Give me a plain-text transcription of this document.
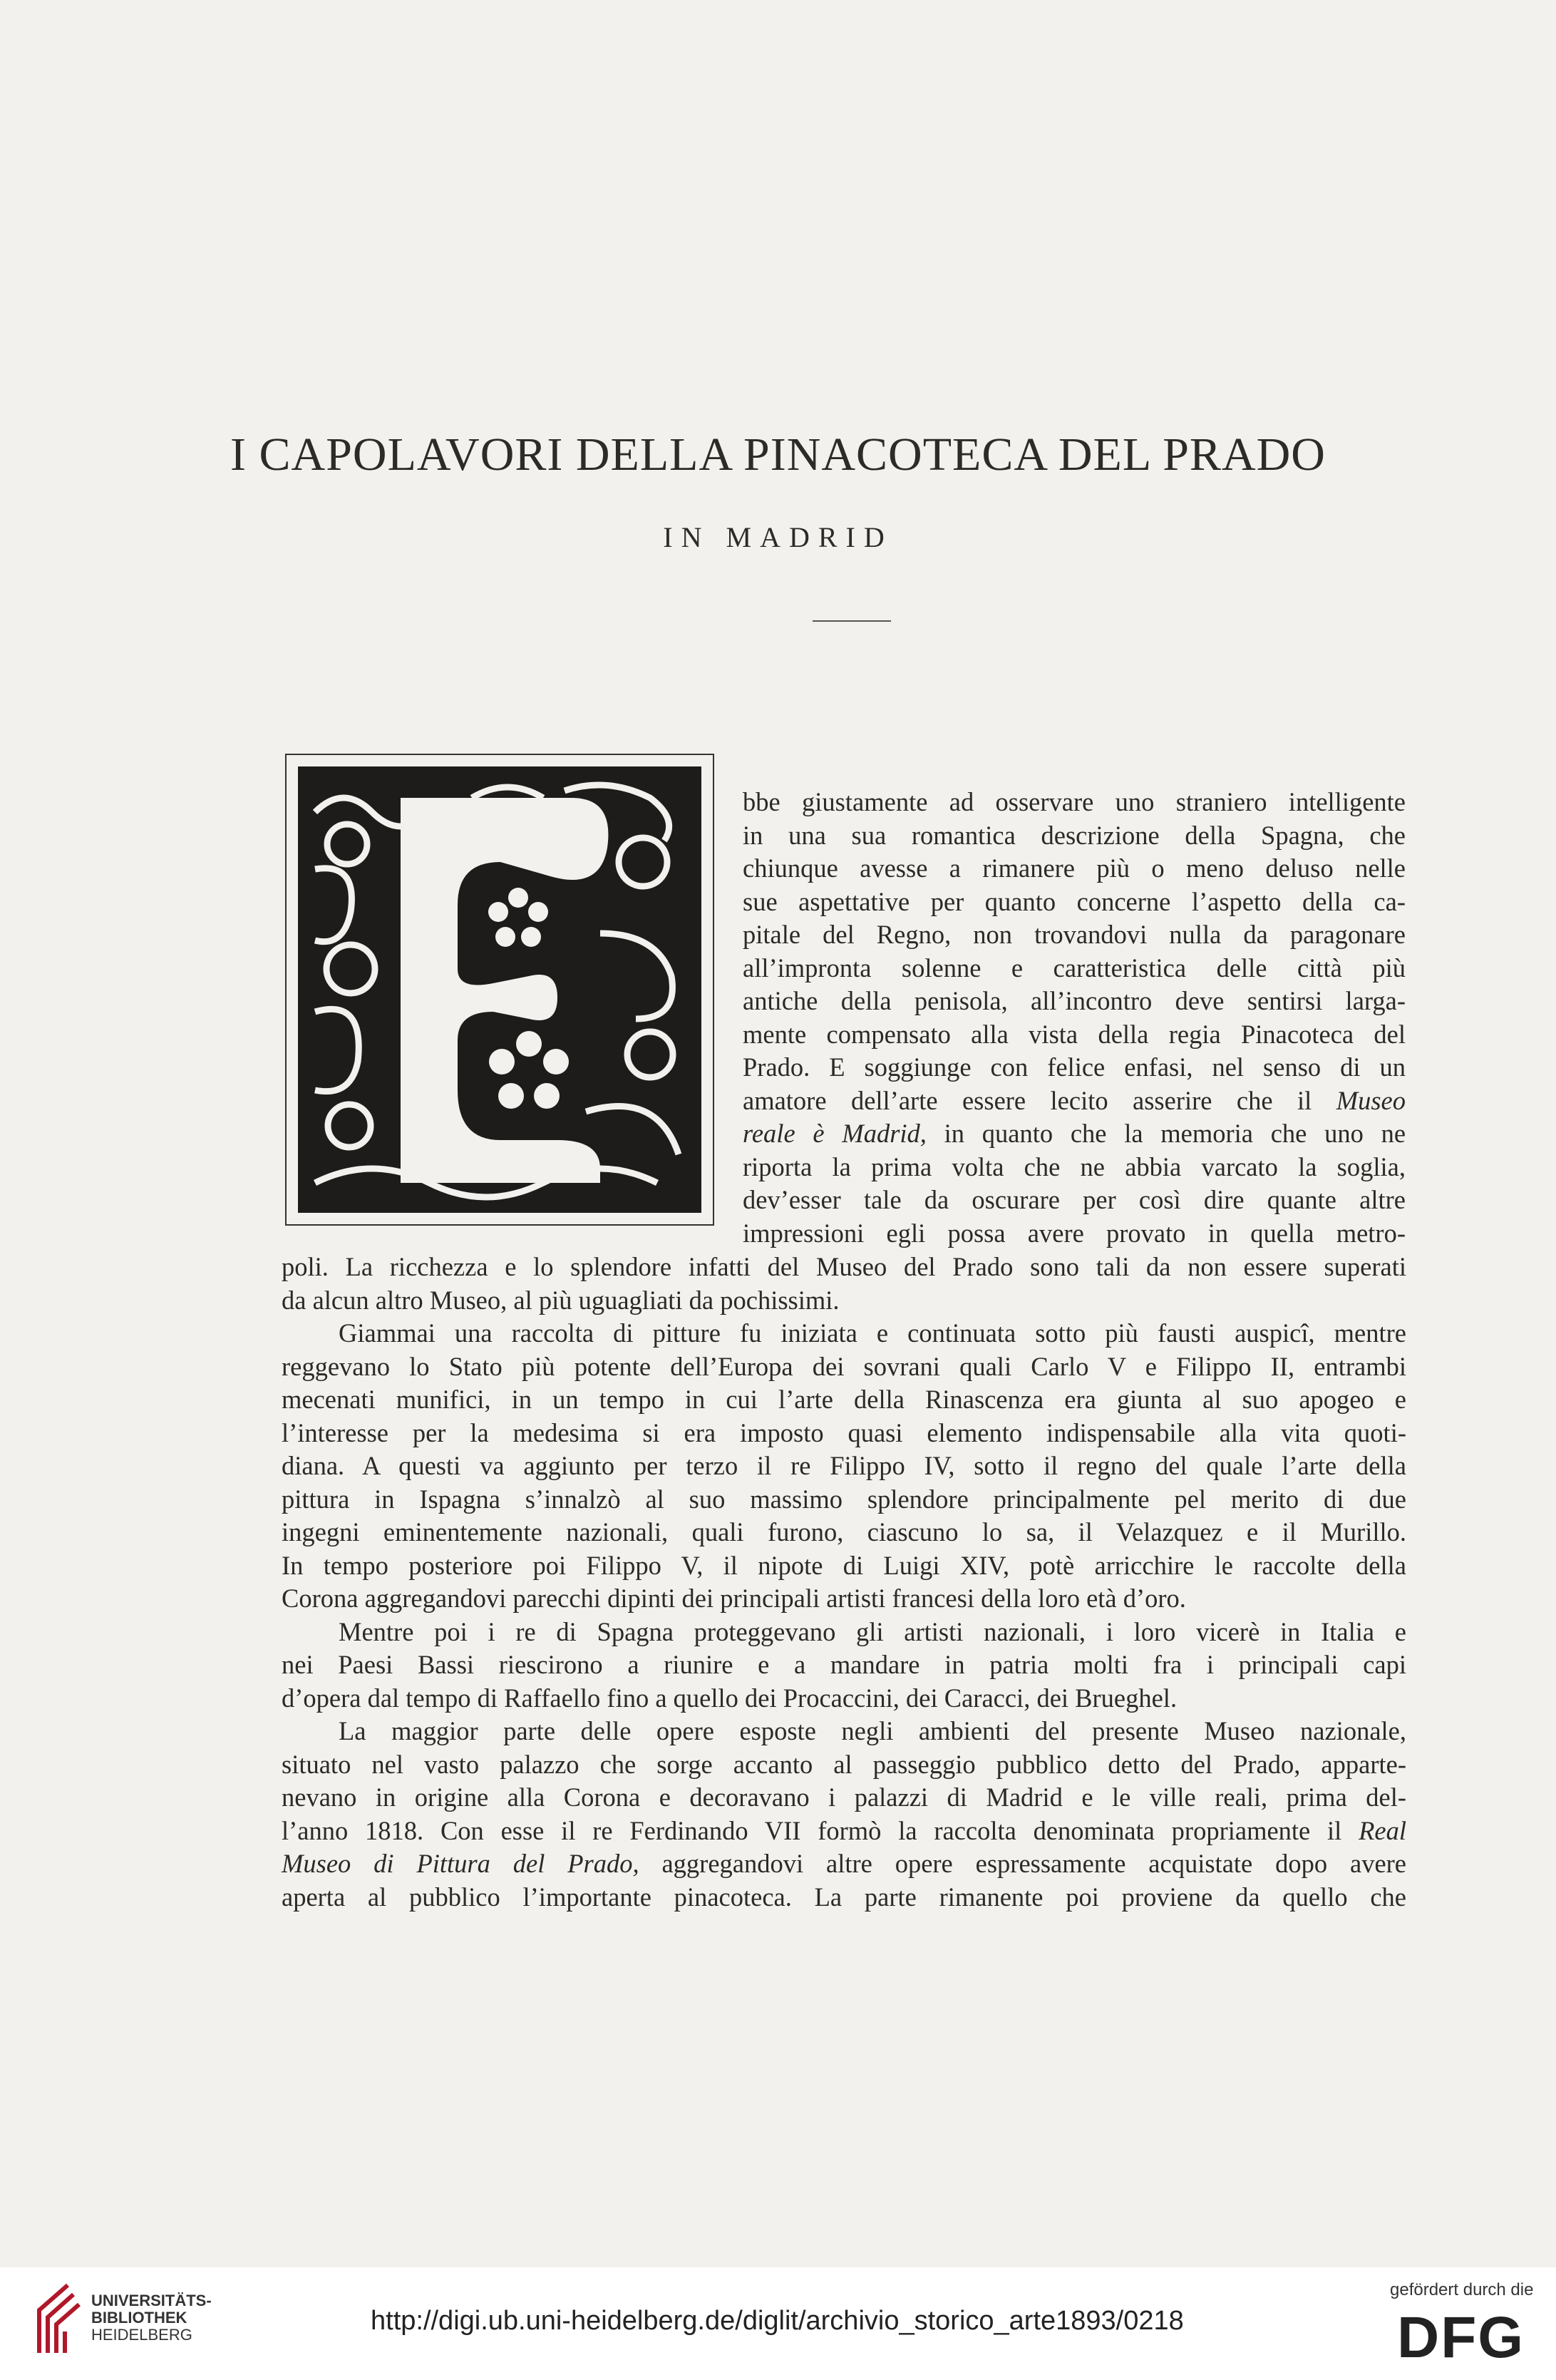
I CAPOLAVORI DELLA PINACOTECA DEL PRADO
IN MADRID
bbe giustamente ad osservare uno straniero intelligente
in una sua romantica descrizione della Spagna, che
chiunque avesse a rimanere più o meno deluso nelle
sue aspettative per quanto concerne l’aspetto della ca-
pitale del Regno, non trovandovi nulla da paragonare
all’impronta solenne e caratteristica delle città più
antiche della penisola, all’incontro deve sentirsi larga-
mente compensato alla vista della regia Pinacoteca del
Prado. E soggiunge con felice enfasi, nel senso di un
amatore dell’arte essere lecito asserire che il Museo
reale è Madrid, in quanto che la memoria che uno ne
riporta la prima volta che ne abbia varcato la soglia,
dev’esser tale da oscurare per così dire quante altre
impressioni egli possa avere provato in quella metro-
poli. La ricchezza e lo splendore infatti del Museo del Prado sono tali da non essere superati
da alcun altro Museo, al più uguagliati da pochissimi.
Giammai una raccolta di pitture fu iniziata e continuata sotto più fausti auspicî, mentre
reggevano lo Stato più potente dell’Europa dei sovrani quali Carlo V e Filippo II, entrambi
mecenati munifici, in un tempo in cui l’arte della Rinascenza era giunta al suo apogeo e
l’interesse per la medesima si era imposto quasi elemento indispensabile alla vita quoti-
diana. A questi va aggiunto per terzo il re Filippo IV, sotto il regno del quale l’arte della
pittura in Ispagna s’innalzò al suo massimo splendore principalmente pel merito di due
ingegni eminentemente nazionali, quali furono, ciascuno lo sa, il Velazquez e il Murillo.
In tempo posteriore poi Filippo V, il nipote di Luigi XIV, potè arricchire le raccolte della
Corona aggregandovi parecchi dipinti dei principali artisti francesi della loro età d’oro.
Mentre poi i re di Spagna proteggevano gli artisti nazionali, i loro vicerè in Italia e
nei Paesi Bassi riescirono a riunire e a mandare in patria molti fra i principali capi
d’opera dal tempo di Raffaello fino a quello dei Procaccini, dei Caracci, dei Brueghel.
La maggior parte delle opere esposte negli ambienti del presente Museo nazionale,
situato nel vasto palazzo che sorge accanto al passeggio pubblico detto del Prado, apparte-
nevano in origine alla Corona e decoravano i palazzi di Madrid e le ville reali, prima del-
l’anno 1818. Con esse il re Ferdinando VII formò la raccolta denominata propriamente il Real
Museo di Pittura del Prado, aggregandovi altre opere espressamente acquistate dopo avere
aperta al pubblico l’importante pinacoteca. La parte rimanente poi proviene da quello che
UNIVERSITÄTS-
BIBLIOTHEK
HEIDELBERG	http://digi.ub.uni-heidelberg.de/diglit/archivio_storico_arte1893/0218
gefördert durch die
DFG
